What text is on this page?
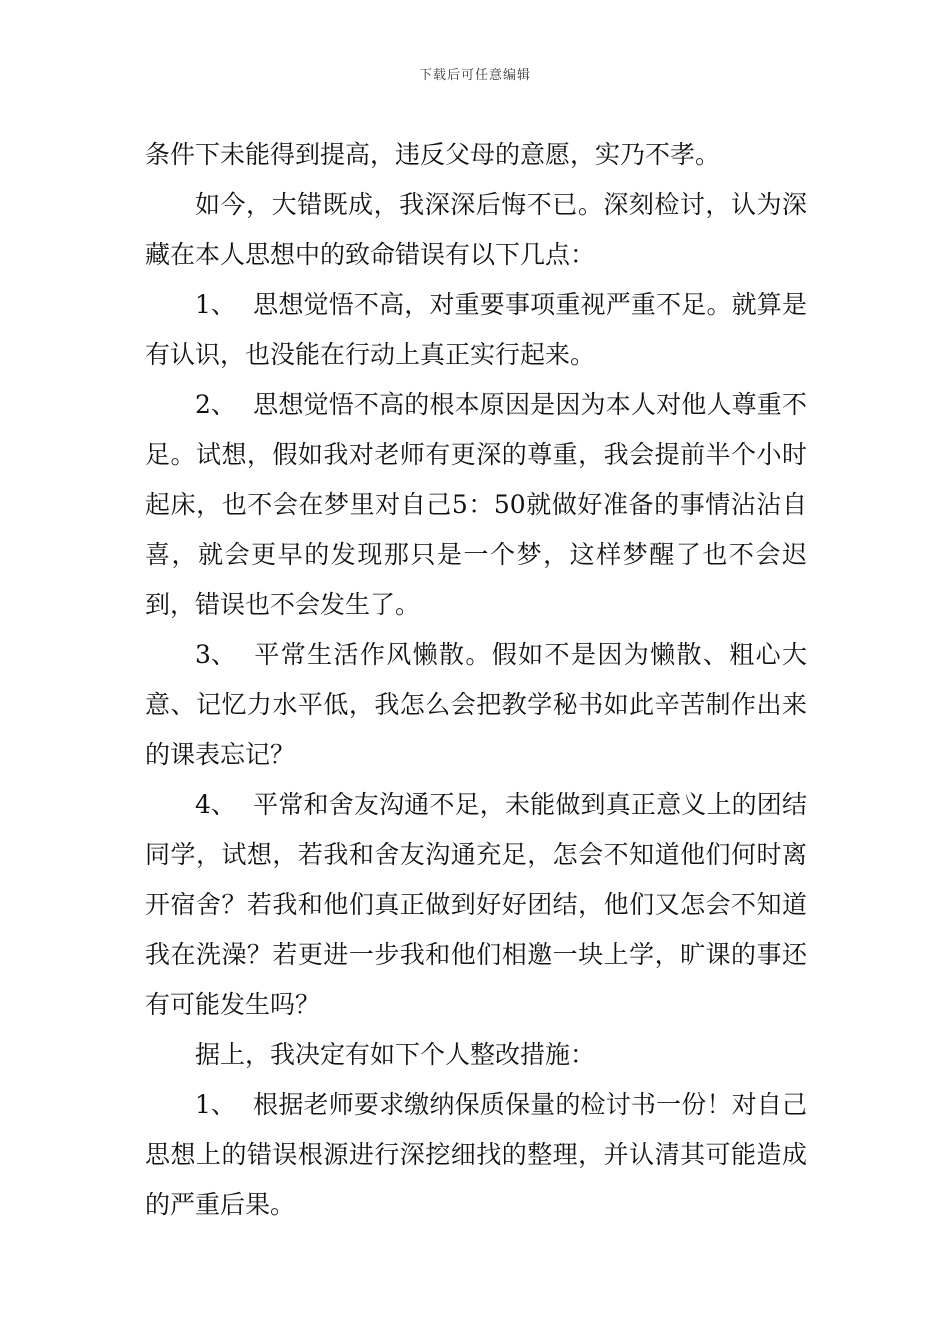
下载后可任意编辑

条件下未能得到提高，违反父母的意愿，实乃不孝。

如今，大错既成，我深深后悔不已。深刻检讨，认为深藏在本人思想中的致命错误有以下几点：

1、 思想觉悟不高，对重要事项重视严重不足。就算是有认识，也没能在行动上真正实行起来。

2、 思想觉悟不高的根本原因是因为本人对他人尊重不足。试想，假如我对老师有更深的尊重，我会提前半个小时起床，也不会在梦里对自己5：50就做好准备的事情沾沾自喜，就会更早的发现那只是一个梦，这样梦醒了也不会迟到，错误也不会发生了。

3、 平常生活作风懒散。假如不是因为懒散、粗心大意、记忆力水平低，我怎么会把教学秘书如此辛苦制作出来的课表忘记？

4、 平常和舍友沟通不足，未能做到真正意义上的团结同学，试想，若我和舍友沟通充足，怎会不知道他们何时离开宿舍？若我和他们真正做到好好团结，他们又怎会不知道我在洗澡？若更进一步我和他们相邀一块上学，旷课的事还有可能发生吗？

据上，我决定有如下个人整改措施：

1、 根据老师要求缴纳保质保量的检讨书一份！对自己思想上的错误根源进行深挖细找的整理，并认清其可能造成的严重后果。
